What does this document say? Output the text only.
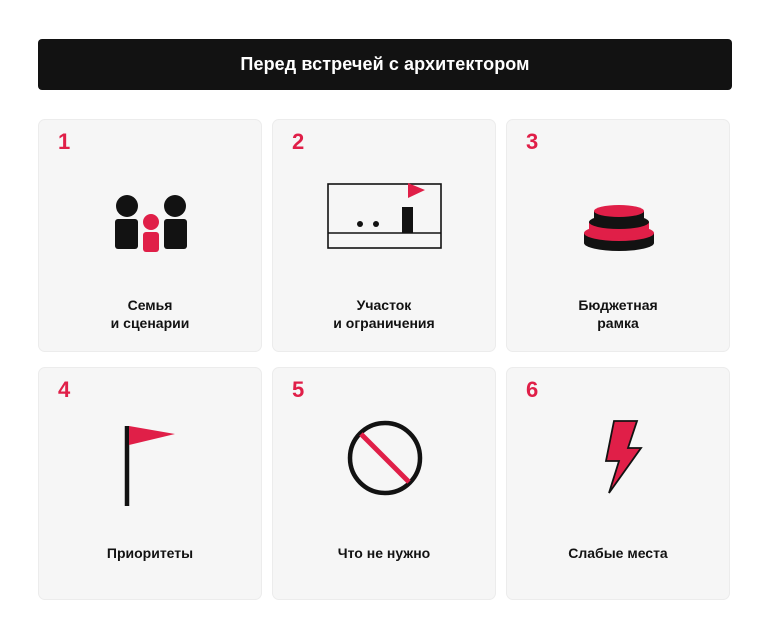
Перед встречей с архитектором
1
Семья
и сценарии
2
Участок
и ограничения
3
Бюджетная
рамка
4
Приоритеты
5
Что не нужно
6
Слабые места
